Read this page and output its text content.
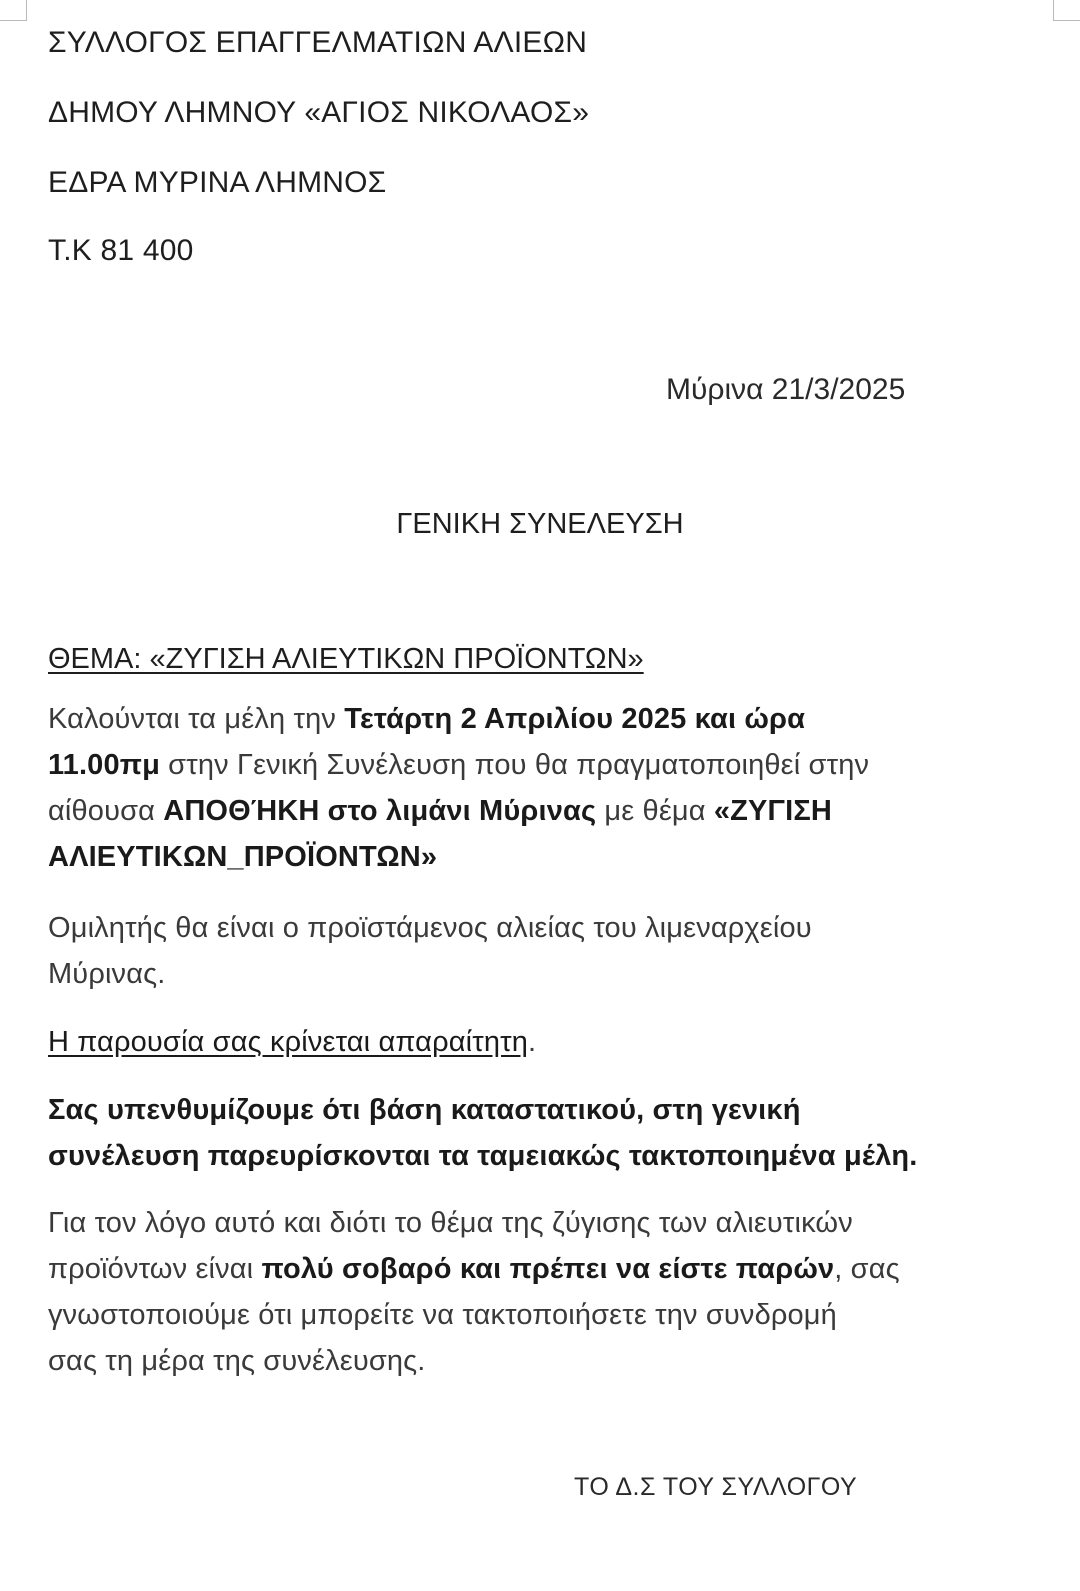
ΣΥΛΛΟΓΟΣ ΕΠΑΓΓΕΛΜΑΤΙΩΝ ΑΛΙΕΩΝ
ΔΗΜΟΥ ΛΗΜΝΟΥ «ΑΓΙΟΣ ΝΙΚΟΛΑΟΣ»
ΕΔΡΑ ΜΥΡΙΝΑ ΛΗΜΝΟΣ
Τ.Κ 81 400
Μύρινα 21/3/2025
ΓΕΝΙΚΗ ΣΥΝΕΛΕΥΣΗ
ΘΕΜΑ: «ΖΥΓΙΣΗ ΑΛΙΕΥΤΙΚΩΝ ΠΡΟΪΟΝΤΩΝ»
Καλούνται τα μέλη την Τετάρτη 2 Απριλίου 2025 και ώρα
11.00πμ στην Γενική Συνέλευση που θα πραγματοποιηθεί στην
αίθουσα ΑΠΟΘΉΚΗ στο λιμάνι Μύρινας με θέμα «ΖΥΓΙΣΗ
ΑΛΙΕΥΤΙΚΩΝ_ΠΡΟΪΟΝΤΩΝ»
Ομιλητής θα είναι ο προϊστάμενος αλιείας του λιμεναρχείου
Μύρινας.
Η παρουσία σας κρίνεται απαραίτητη.
Σας υπενθυμίζουμε ότι βάση καταστατικού, στη γενική
συνέλευση παρευρίσκονται τα ταμειακώς τακτοποιημένα μέλη.
Για τον λόγο αυτό και διότι το θέμα της ζύγισης των αλιευτικών
προϊόντων είναι πολύ σοβαρό και πρέπει να είστε παρών, σας
γνωστοποιούμε ότι μπορείτε να τακτοποιήσετε την συνδρομή
σας τη μέρα της συνέλευσης.
ΤΟ Δ.Σ ΤΟΥ ΣΥΛΛΟΓΟΥ
